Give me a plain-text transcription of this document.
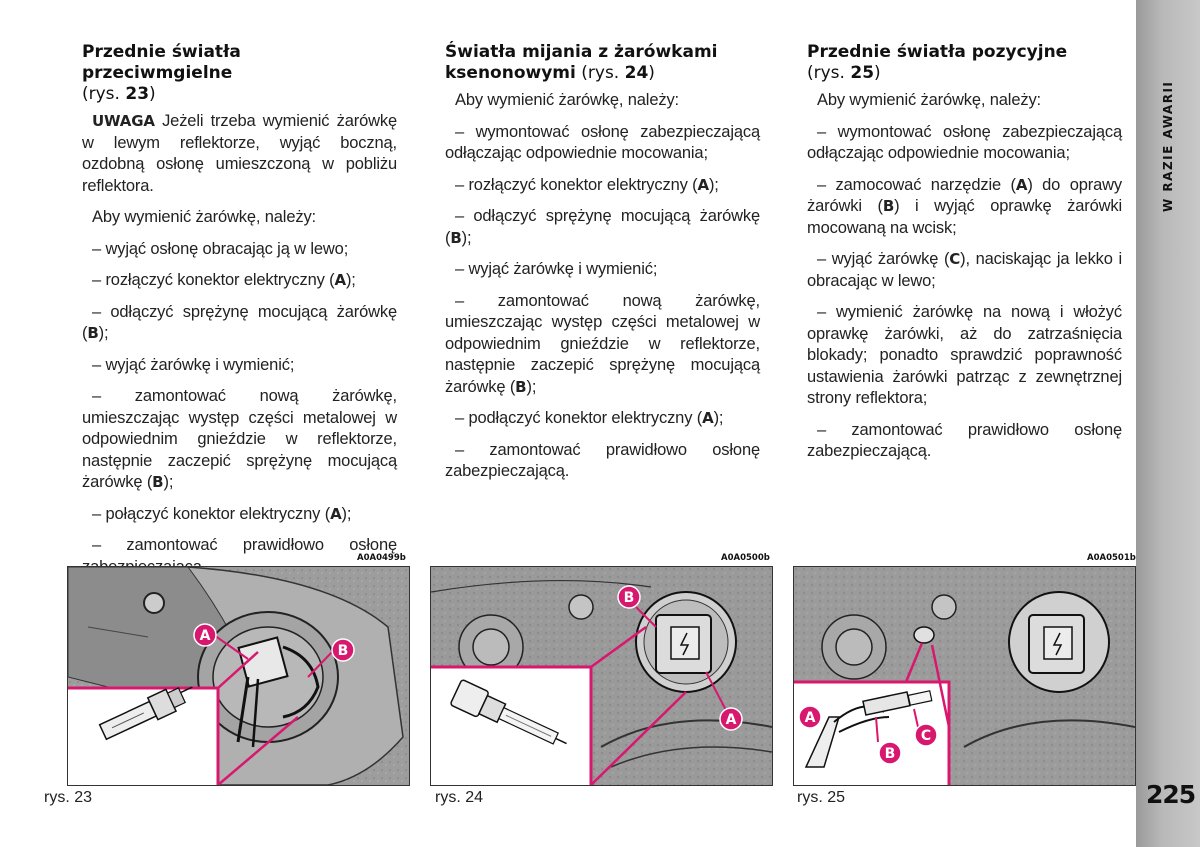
W RAZIE AWARII
225
Przednie światła przeciwmgielne
(rys. 23)

UWAGA Jeżeli trzeba wymienić żarówkę w lewym reflektorze, wyjąć boczną, ozdobną osłonę umieszczoną w pobliżu reflektora.

Aby wymienić żarówkę, należy:

– wyjąć osłonę obracając ją w lewo;

– rozłączyć konektor elektryczny (A);

– odłączyć sprężynę mocującą żarówkę (B);

– wyjąć żarówkę i wymienić;

– zamontować nową żarówkę, umieszczając występ części metalowej w odpowiednim gnieździe w reflektorze, następnie zaczepić sprężynę mocującą żarówkę (B);

– połączyć konektor elektryczny (A);

– zamontować prawidłowo osłonę

Światła mijania z żarówkami ksenonowymi (rys. 24)

Aby wymienić żarówkę, należy:

– wymontować osłonę zabezpieczającą odłączając odpowiednie mocowania;

– rozłączyć konektor elektryczny (A);

– odłączyć sprężynę mocującą żarówkę (B);

– wyjąć żarówkę i wymienić;

– zamontować nową żarówkę, umieszczając występ części metalowej w odpowiednim gnieździe w reflektorze, następnie zaczepić sprężynę mocującą żarówkę (B);

– podłączyć konektor elektryczny (A);

– zamontować prawidłowo osłonę zabezpieczającą.

Przednie światła pozycyjne
(rys. 25)

Aby wymienić żarówkę, należy:

– wymontować osłonę zabezpieczającą odłączając odpowiednie mocowania;

– zamocować narzędzie (A) do oprawy żarówki (B) i wyjąć oprawkę żarówki mocowaną na wcisk;

– wyjąć żarówkę (C), naciskając ja lekko i obracając w lewo;

– wymienić żarówkę na nową i włożyć oprawkę żarówki, aż do zatrzaśnięcia blokady; ponadto sprawdzić poprawność ustawienia żarówki patrząc z zewnętrznej strony reflektora;

– zamontować prawidłowo osłonę zabezpieczającą.

A0A0499b	A0A0500b	A0A0501b
A
B
B
A	A
B
C
rys. 23	rys. 24	rys. 25
